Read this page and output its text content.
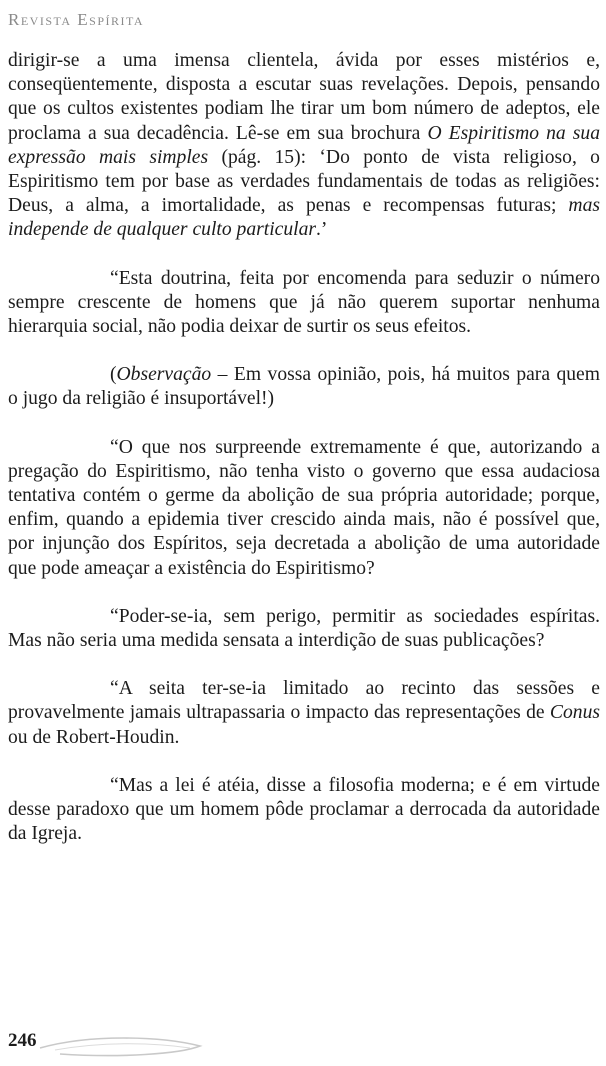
Revista Espírita

dirigir-se a uma imensa clientela, ávida por esses mistérios e, conseqüentemente, disposta a escutar suas revelações. Depois, pensando que os cultos existentes podiam lhe tirar um bom número de adeptos, ele proclama a sua decadência. Lê-se em sua brochura O Espiritismo na sua expressão mais simples (pág. 15): ‘Do ponto de vista religioso, o Espiritismo tem por base as verdades fundamentais de todas as religiões: Deus, a alma, a imortalidade, as penas e recompensas futuras; mas independe de qualquer culto particular.’

“Esta doutrina, feita por encomenda para seduzir o número sempre crescente de homens que já não querem suportar nenhuma hierarquia social, não podia deixar de surtir os seus efeitos.

(Observação – Em vossa opinião, pois, há muitos para quem o jugo da religião é insuportável!)

“O que nos surpreende extremamente é que, autorizando a pregação do Espiritismo, não tenha visto o governo que essa audaciosa tentativa contém o germe da abolição de sua própria autoridade; porque, enfim, quando a epidemia tiver crescido ainda mais, não é possível que, por injunção dos Espíritos, seja decretada a abolição de uma autoridade que pode ameaçar a existência do Espiritismo?

“Poder-se-ia, sem perigo, permitir as sociedades espíritas. Mas não seria uma medida sensata a interdição de suas publicações?

“A seita ter-se-ia limitado ao recinto das sessões e provavelmente jamais ultrapassaria o impacto das representações de Conus ou de Robert-Houdin.

“Mas a lei é atéia, disse a filosofia moderna; e é em virtude desse paradoxo que um homem pôde proclamar a derrocada da autoridade da Igreja.

246
